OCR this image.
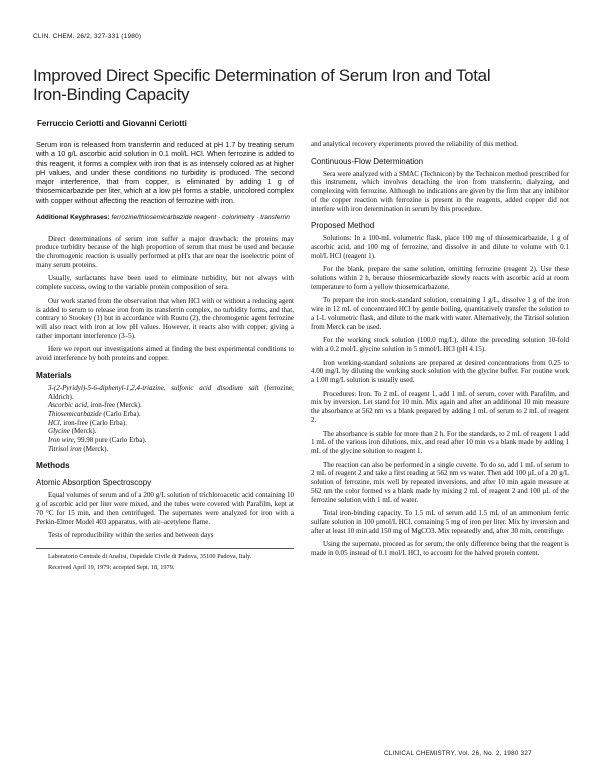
CLIN. CHEM. 26/2, 327-331 (1980)
Improved Direct Specific Determination of Serum Iron and Total Iron-Binding Capacity
Ferruccio Ceriotti and Giovanni Ceriotti
Serum iron is released from transferrin and reduced at pH 1.7 by treating serum with a 10 g/L ascorbic acid solution in 0.1 mol/L HCl. When ferrozine is added to this reagent, it forms a complex with iron that is as intensely colored as at higher pH values, and under these conditions no turbidity is produced. The second major interference, that from copper, is eliminated by adding 1 g of thiosemicarbazide per liter, which at a low pH forms a stable, uncolored complex with copper without affecting the reaction of ferrozine with iron.
Additional Keyphrases: ferrozine/thiosemicarbazide reagent · colorimetry · transferrin

Direct determinations of serum iron suffer a major drawback: the proteins may produce turbidity because of the high proportion of serum that must be used and because the chromogenic reaction is usually performed at pH's that are near the isoelectric point of many serum proteins.

Usually, surfactants have been used to eliminate turbidity, but not always with complete success, owing to the variable protein composition of sera.

Our work started from the observation that when HCl with or without a reducing agent is added to serum to release iron from its transferrin complex, no turbidity forms, and that, contrary to Stookey (1) but in accordance with Ruutu (2), the chromogenic agent ferrozine will also react with iron at low pH values. However, it reacts also with copper, giving a rather important interference (3–5).

Here we report our investigations aimed at finding the best experimental conditions to avoid interference by both proteins and copper.

Materials

3-(2-Pyridyl)-5-6-diphenyl-1,2,4-triazine, sulfonic acid disodium salt (ferrozine; Aldrich).

Ascorbic acid, iron-free (Merck).

Thiosemicarbazide (Carlo Erba).

HCl, iron-free (Carlo Erba).

Glycine (Merck).

Iron wire, 99.98 pure (Carlo Erba).

Titrisol iron (Merck).

Methods
Atomic Absorption Spectroscopy

Equal volumes of serum and of a 200 g/L solution of trichloroacetic acid containing 10 g of ascorbic acid per liter were mixed, and the tubes were covered with Parafilm, kept at 70 °C for 15 min, and then centrifuged. The supernates were analyzed for iron with a Perkin-Elmer Model 403 apparatus, with air–acetylene flame.

Tests of reproducibility within the series and between days

Laboratorio Centrale di Analisi, Ospedale Civile di Padova, 35100 Padova, Italy.

Received April 19, 1979; accepted Sept. 18, 1979.

and analytical recovery experiments proved the reliability of this method.

Continuous-Flow Determination

Sera were analyzed with a SMAC (Technicon) by the Technicon method prescribed for this instrument, which involves detaching the iron from transferrin, dialyzing, and complexing with ferrozine. Although no indications are given by the firm that any inhibitor of the copper reaction with ferrozine is present in the reagents, added copper did not interfere with iron determination in serum by this procedure.

Proposed Method

Solutions: In a 100-mL volumetric flask, place 100 mg of thiosemicarbazide, 1 g of ascorbic acid, and 100 mg of ferrozine, and dissolve in and dilute to volume with 0.1 mol/L HCl (reagent 1).

For the blank, prepare the same solution, omitting ferrozine (reagent 2). Use these solutions within 2 h, because thiosemicarbazide slowly reacts with ascorbic acid at room temperature to form a yellow thiosemicarbazone.

To prepare the iron stock-standard solution, containing 1 g/L, dissolve 1 g of the iron wire in 12 mL of concentrated HCl by gentle boiling, quantitatively transfer the solution to a 1-L volumetric flask, and dilute to the mark with water. Alternatively, the Titrisol solution from Merck can be used.

For the working stock solution (100.0 mg/L), dilute the preceding solution 10-fold with a 0.2 mol/L glycine solution in 5 mmol/L HCl (pH 4.15).

Iron working-standard solutions are prepared at desired concentrations from 0.25 to 4.00 mg/L by diluting the working stock solution with the glycine buffer. For routine work a 1.00 mg/L solution is usually used.

Procedures: Iron. To 2 mL of reagent 1, add 1 mL of serum, cover with Parafilm, and mix by inversion. Let stand for 10 min. Mix again and after an additional 10 min measure the absorbance at 562 nm vs a blank prepared by adding 1 mL of serum to 2 mL of reagent 2.

The absorbance is stable for more than 2 h. For the standards, to 2 mL of reagent 1 add 1 mL of the various iron dilutions, mix, and read after 10 min vs a blank made by adding 1 mL of the glycine solution to reagent 1.

The reaction can also be performed in a single cuvette. To do so, add 1 mL of serum to 2 mL of reagent 2 and take a first reading at 562 nm vs water. Then add 100 µL of a 20 g/L solution of ferrozine, mix well by repeated inversions, and after 10 min again measure at 562 nm the color formed vs a blank made by mixing 2 mL of reagent 2 and 100 µL of the ferrozine solution with 1 mL of water.

Total iron-binding capacity. To 1.5 mL of serum add 1.5 mL of an ammonium ferric sulfate solution in 100 µmol/L HCl, containing 5 mg of iron per liter. Mix by inversion and after at least 10 min add 150 mg of MgCO3. Mix repeatedly and, after 30 min, centrifuge.

Using the supernate, proceed as for serum, the only difference being that the reagent is made in 0.05 instead of 0.1 mol/L HCl, to account for the halved protein content.

CLINICAL CHEMISTRY, Vol. 26, No. 2, 1980 327
